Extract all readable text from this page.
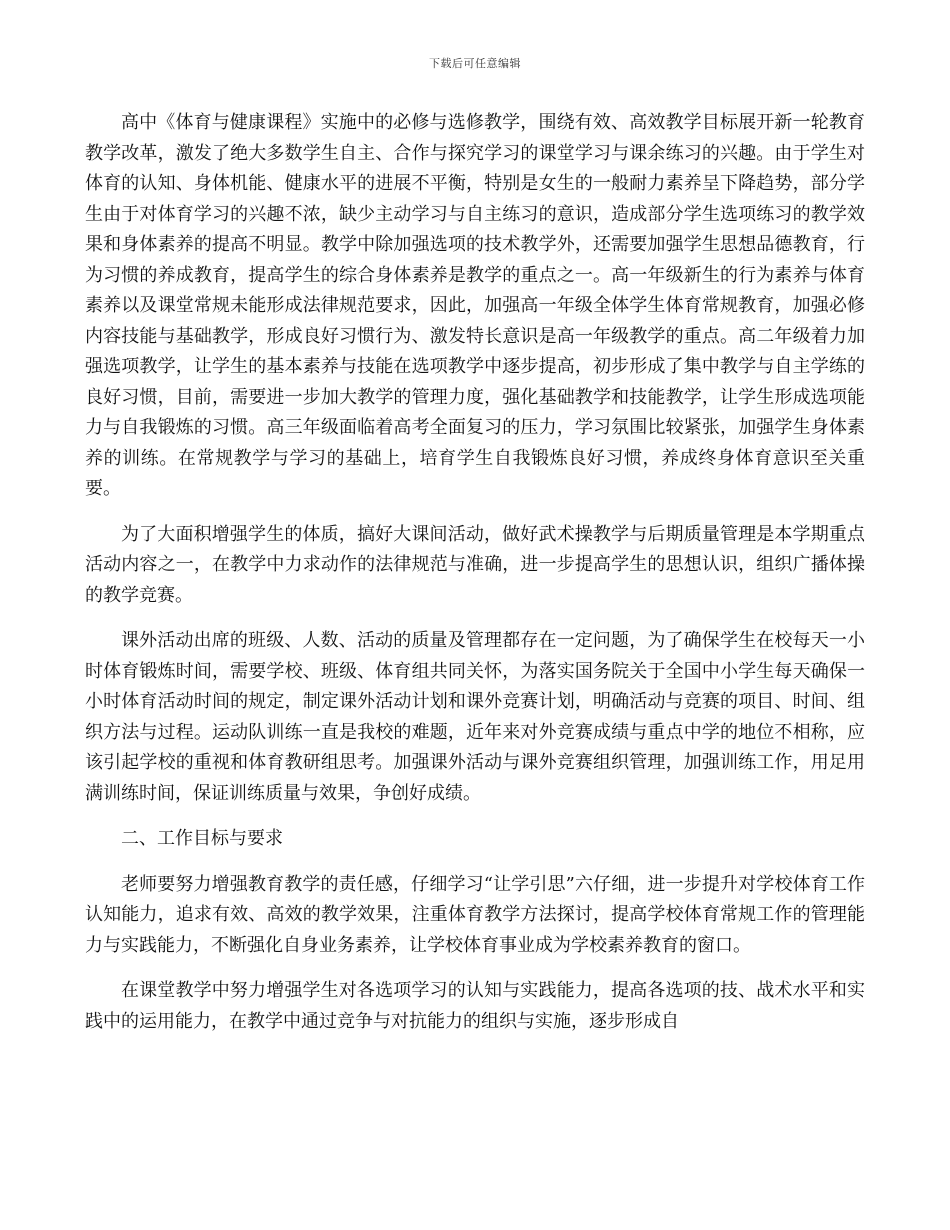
下载后可任意编辑

高中《体育与健康课程》实施中的必修与选修教学，围绕有效、高效教学目标展开新一轮教育教学改革，激发了绝大多数学生自主、合作与探究学习的课堂学习与课余练习的兴趣。由于学生对体育的认知、身体机能、健康水平的进展不平衡，特别是女生的一般耐力素养呈下降趋势，部分学生由于对体育学习的兴趣不浓，缺少主动学习与自主练习的意识，造成部分学生选项练习的教学效果和身体素养的提高不明显。教学中除加强选项的技术教学外，还需要加强学生思想品德教育，行为习惯的养成教育，提高学生的综合身体素养是教学的重点之一。高一年级新生的行为素养与体育素养以及课堂常规未能形成法律规范要求，因此，加强高一年级全体学生体育常规教育，加强必修内容技能与基础教学，形成良好习惯行为、激发特长意识是高一年级教学的重点。高二年级着力加强选项教学，让学生的基本素养与技能在选项教学中逐步提高，初步形成了集中教学与自主学练的良好习惯，目前，需要进一步加大教学的管理力度，强化基础教学和技能教学，让学生形成选项能力与自我锻炼的习惯。高三年级面临着高考全面复习的压力，学习氛围比较紧张，加强学生身体素养的训练。在常规教学与学习的基础上，培育学生自我锻炼良好习惯，养成终身体育意识至关重要。

为了大面积增强学生的体质，搞好大课间活动，做好武术操教学与后期质量管理是本学期重点活动内容之一，在教学中力求动作的法律规范与准确，进一步提高学生的思想认识，组织广播体操的教学竞赛。

课外活动出席的班级、人数、活动的质量及管理都存在一定问题，为了确保学生在校每天一小时体育锻炼时间，需要学校、班级、体育组共同关怀，为落实国务院关于全国中小学生每天确保一小时体育活动时间的规定，制定课外活动计划和课外竞赛计划，明确活动与竞赛的项目、时间、组织方法与过程。运动队训练一直是我校的难题，近年来对外竞赛成绩与重点中学的地位不相称，应该引起学校的重视和体育教研组思考。加强课外活动与课外竞赛组织管理，加强训练工作，用足用满训练时间，保证训练质量与效果，争创好成绩。

二、工作目标与要求

老师要努力增强教育教学的责任感，仔细学习“让学引思”六仔细，进一步提升对学校体育工作认知能力，追求有效、高效的教学效果，注重体育教学方法探讨，提高学校体育常规工作的管理能力与实践能力，不断强化自身业务素养，让学校体育事业成为学校素养教育的窗口。

在课堂教学中努力增强学生对各选项学习的认知与实践能力，提高各选项的技、战术水平和实践中的运用能力，在教学中通过竞争与对抗能力的组织与实施，逐步形成自
